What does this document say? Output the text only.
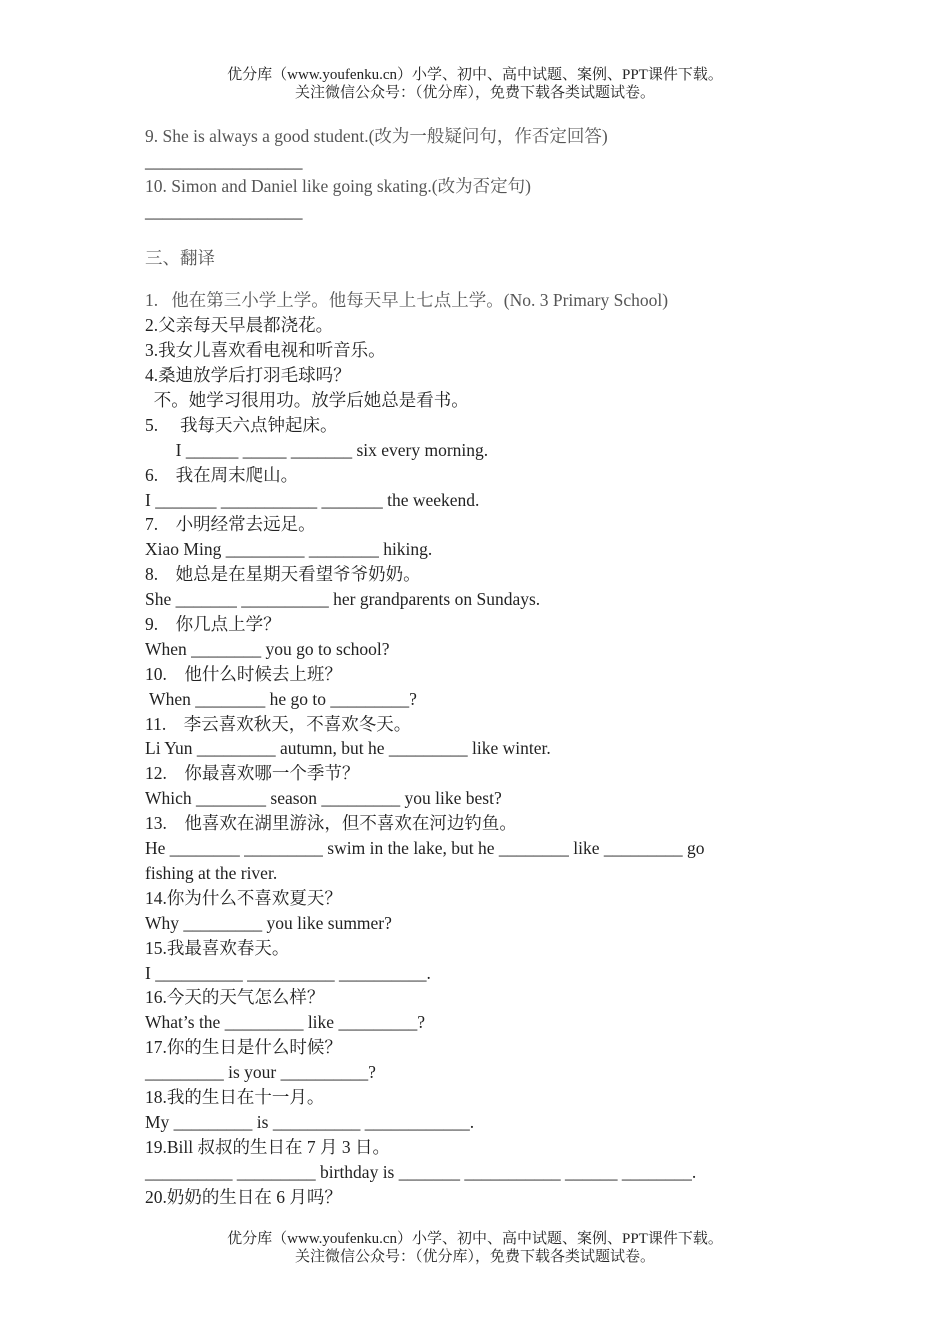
优分库（www.youfenku.cn）小学、初中、高中试题、案例、PPT课件下载。
关注微信公众号：（优分库），免费下载各类试题试卷。
9. She is always a good student.(改为一般疑问句，作否定回答)
__________________
10. Simon and Daniel like going skating.(改为否定句)
__________________
三、翻译
1.   他在第三小学上学。他每天早上七点上学。(No. 3 Primary School)
2.父亲每天早晨都浇花。
3.我女儿喜欢看电视和听音乐。
4.桑迪放学后打羽毛球吗？
不。她学习很用功。放学后她总是看书。
5.     我每天六点钟起床。
I ______ _____ _______ six every morning.
6.    我在周末爬山。
I _______ ___________ _______ the weekend.
7.    小明经常去远足。
Xiao Ming _________ ________ hiking.
8.    她总是在星期天看望爷爷奶奶。
She _______ __________ her grandparents on Sundays.
9.    你几点上学？
When ________ you go to school?
10.    他什么时候去上班？
When ________ he go to _________?
11.    李云喜欢秋天，不喜欢冬天。
Li Yun _________ autumn, but he _________ like winter.
12.    你最喜欢哪一个季节？
Which ________ season _________ you like best?
13.    他喜欢在湖里游泳，但不喜欢在河边钓鱼。
He ________ _________ swim in the lake, but he ________ like _________ go
fishing at the river.
14.你为什么不喜欢夏天？
Why _________ you like summer?
15.我最喜欢春天。
I __________ __________ __________.
16.今天的天气怎么样？
What’s the _________ like _________?
17.你的生日是什么时候？
_________ is your __________?
18.我的生日在十一月。
My _________ is __________ ____________.
19.Bill 叔叔的生日在 7 月 3 日。
__________ _________ birthday is _______ ___________ ______ ________.
20.奶奶的生日在 6 月吗？
优分库（www.youfenku.cn）小学、初中、高中试题、案例、PPT课件下载。
关注微信公众号：（优分库），免费下载各类试题试卷。
